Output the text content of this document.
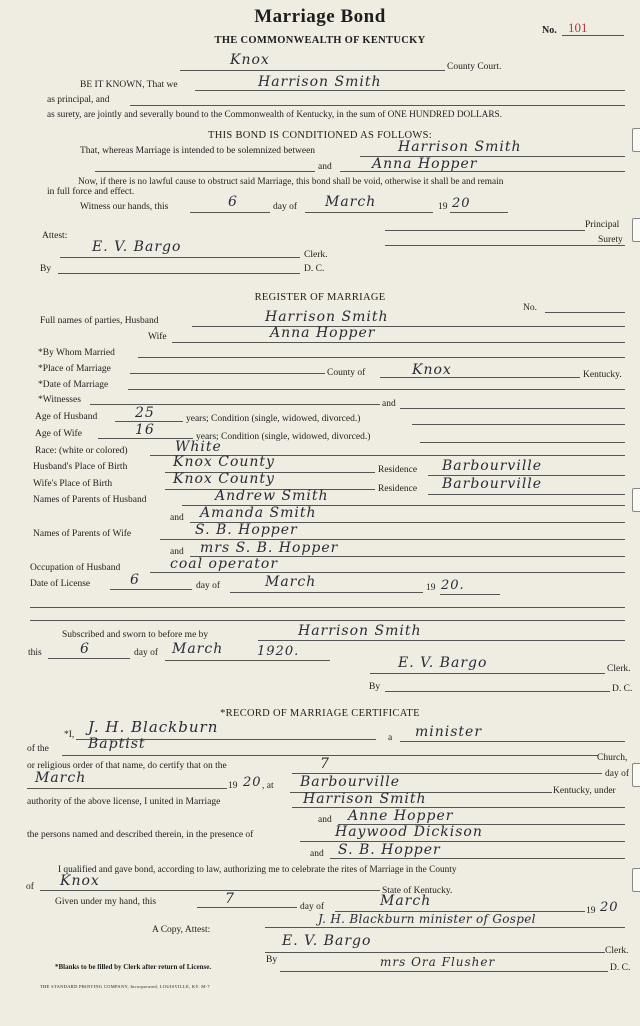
Marriage Bond
THE COMMONWEALTH OF KENTUCKY
No. 101
Knox	County Court.
BE IT KNOWN, That we	Harrison Smith
as principal, and
as surety, are jointly and severally bound to the Commonwealth of Kentucky, in the sum of ONE HUNDRED DOLLARS.
THIS BOND IS CONDITIONED AS FOLLOWS:
That, whereas Marriage is intended to be solemnized between	Harrison Smith
and	Anna Hopper
Now, if there is no lawful cause to obstruct said Marriage, this bond shall be void, otherwise it shall be and remain
in full force and effect.
Witness our hands, this	6	day of March	19 20
Principal
Surety
Attest:
E. V. Bargo	Clerk.
By	D. C.
REGISTER OF MARRIAGE
No.
Full names of parties, Husband	Harrison Smith
Wife	Anna Hopper
*By Whom Married
*Place of Marriage	County of	Knox	Kentucky.
*Date of Marriage
*Witnesses	and
Age of Husband	25	years; Condition (single, widowed, divorced.)
Age of Wife	16	years; Condition (single, widowed, divorced.)
Race: (white or colored)	White
Husband's Place of Birth	Knox County	Residence Barbourville
Wife's Place of Birth	Knox County
Residence Barbourville
Names of Parents of Husband	Andrew Smith
and Amanda Smith
Names of Parents of Wife	S. B. Hopper
and mrs S. B. Hopper
Occupation of Husband	coal operator
Date of License	6	day of	March	19 20.
Subscribed and sworn to before me by	Harrison Smith
this	6	day of March	1920.
E. V. Bargo	Clerk.
By	D. C.
*RECORD OF MARRIAGE CERTIFICATE
*I, J. H. Blackburn
a minister
of the	Baptist
Church,
or religious order of that name, do certify that on the	7
day of
March	19 20 , at Barbourville
Kentucky, under
authority of the above license, I united in Marriage	Harrison Smith
and Anne Hopper
the persons named and described therein, in the presence of	Haywood Dickison
and S. B. Hopper
I qualified and gave bond, according to law, authorizing me to celebrate the rites of Marriage in the County
of Knox
State of Kentucky.
Given under my hand, this	7	day of	March
19 20
J. H. Blackburn minister of Gospel
A Copy, Attest:
E. V. Bargo
Clerk.
By	mrs Ora Flusher	D. C.
*Blanks to be filled by Clerk after return of License.
THE STANDARD PRINTING COMPANY, Incorporated, LOUISVILLE, KY. M-7
